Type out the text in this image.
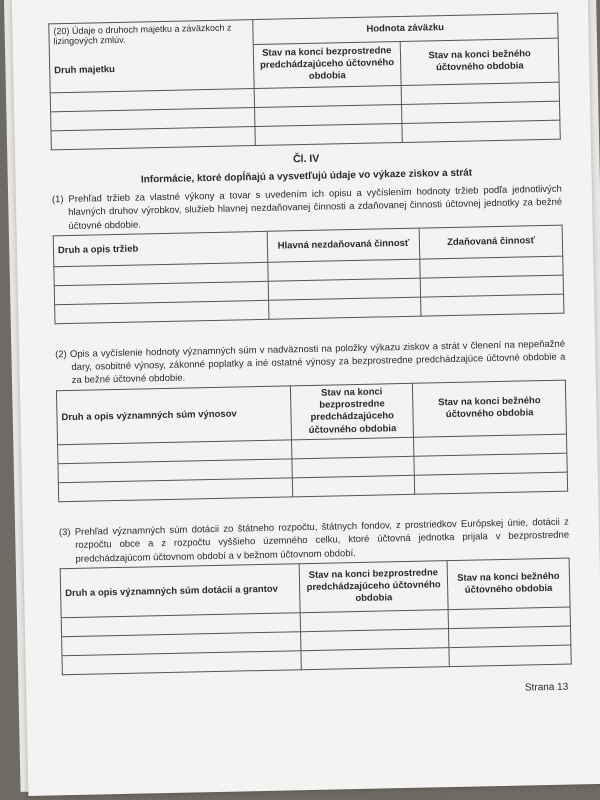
(20) Údaje o druhoch majetku a záväzkoch z lizingových zmlúv.	Hodnota záväzku	
Druh majetku	Stav na konci bezprostredne predchádzajúceho účtovného obdobia	Stav na konci bežného účtovného obdobia

Čl. IV
Informácie, ktoré dopĺňajú a vysvetľujú údaje vo výkaze ziskov a strát
(1) Prehľad tržieb za vlastné výkony a tovar s uvedením ich opisu a vyčíslením hodnoty tržieb podľa jednotlivých hlavných druhov výrobkov, služieb hlavnej nezdaňovanej činnosti a zdaňovanej činnosti účtovnej jednotky za bežné účtovné obdobie.
Druh a opis tržieb	Hlavná nezdaňovaná činnosť	Zdaňovaná činnosť

(2) Opis a vyčíslenie hodnoty významných súm v nadväznosti na položky výkazu ziskov a strát v členení na nepeňažné dary, osobitné výnosy, zákonné poplatky a iné ostatné výnosy za bezprostredne predchádzajúce účtovné obdobie a za bežné účtovné obdobie.
Druh a opis významných súm výnosov	Stav na konci bezprostredne predchádzajúceho účtovného obdobia	Stav na konci bežného účtovného obdobia

(3) Prehľad významných súm dotácii zo štátneho rozpočtu, štátnych fondov, z prostriedkov Európskej únie, dotácii z rozpočtu obce a z rozpočtu vyššieho územného celku, ktoré účtovná jednotka prijala v bezprostredne predchádzajúcom účtovnom období a v bežnom účtovnom období.
Druh a opis významných súm dotácii a grantov	Stav na konci bezprostredne predchádzajúceho účtovného obdobia	Stav na konci bežného účtovného obdobia

Strana 13
